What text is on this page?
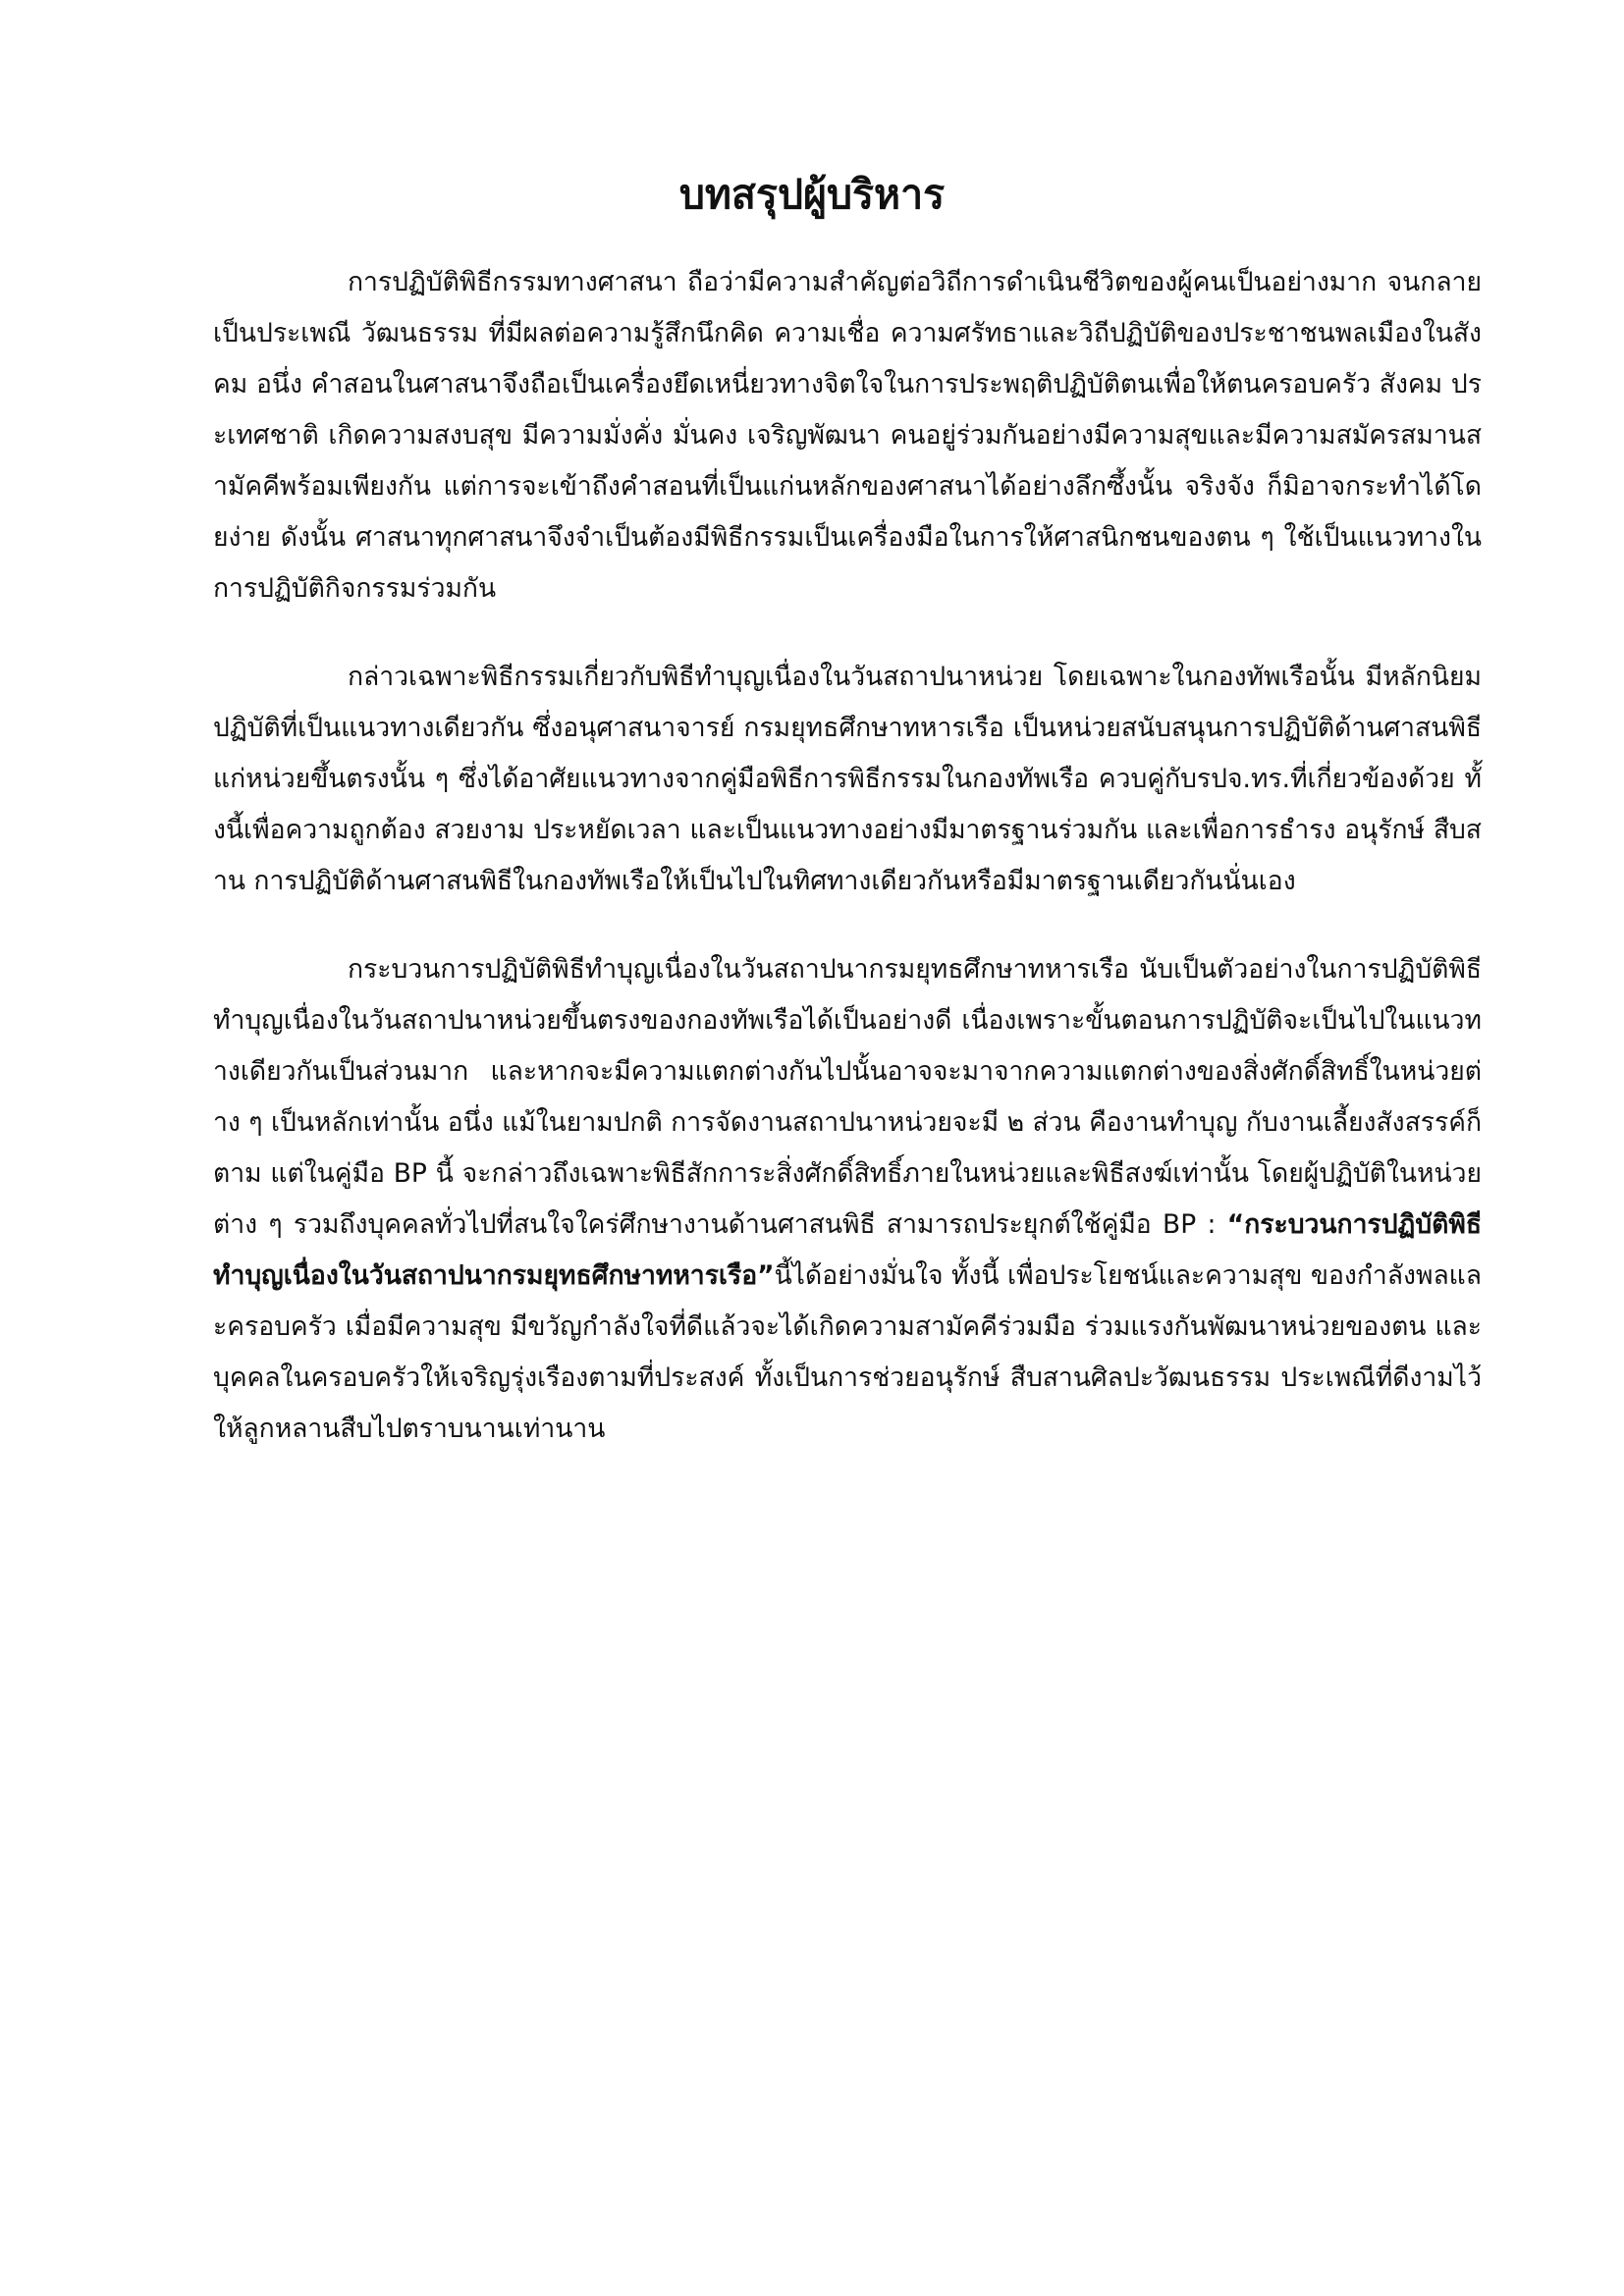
บทสรุปผู้บริหาร

การปฏิบัติพิธีกรรมทางศาสนา ถือว่ามีความสำคัญต่อวิถีการดำเนินชีวิตของผู้คนเป็นอย่างมาก จนกลายเป็นประเพณี วัฒนธรรม ที่มีผลต่อความรู้สึกนึกคิด ความเชื่อ ความศรัทธาและวิถีปฏิบัติของประชาชนพลเมืองในสังคม อนึ่ง คำสอนในศาสนาจึงถือเป็นเครื่องยึดเหนี่ยวทางจิตใจในการประพฤติปฏิบัติตนเพื่อให้ตนครอบครัว สังคม ประเทศชาติ เกิดความสงบสุข มีความมั่งคั่ง มั่นคง เจริญพัฒนา คนอยู่ร่วมกันอย่างมีความสุขและมีความสมัครสมานสามัคคีพร้อมเพียงกัน แต่การจะเข้าถึงคำสอนที่เป็นแก่นหลักของศาสนาได้อย่างลึกซึ้งนั้น จริงจัง ก็มิอาจกระทำได้โดยง่าย ดังนั้น ศาสนาทุกศาสนาจึงจำเป็นต้องมีพิธีกรรมเป็นเครื่องมือในการให้ศาสนิกชนของตน ๆ ใช้เป็นแนวทางในการปฏิบัติกิจกรรมร่วมกัน

กล่าวเฉพาะพิธีกรรมเกี่ยวกับพิธีทำบุญเนื่องในวันสถาปนาหน่วย โดยเฉพาะในกองทัพเรือนั้น มีหลักนิยมปฏิบัติที่เป็นแนวทางเดียวกัน ซึ่งอนุศาสนาจารย์ กรมยุทธศึกษาทหารเรือ เป็นหน่วยสนับสนุนการปฏิบัติด้านศาสนพิธี แก่หน่วยขึ้นตรงนั้น ๆ ซึ่งได้อาศัยแนวทางจากคู่มือพิธีการพิธีกรรมในกองทัพเรือ ควบคู่กับรปจ.ทร.ที่เกี่ยวข้องด้วย ทั้งนี้เพื่อความถูกต้อง สวยงาม ประหยัดเวลา และเป็นแนวทางอย่างมีมาตรฐานร่วมกัน และเพื่อการธำรง อนุรักษ์ สืบสาน การปฏิบัติด้านศาสนพิธีในกองทัพเรือให้เป็นไปในทิศทางเดียวกันหรือมีมาตรฐานเดียวกันนั่นเอง

กระบวนการปฏิบัติพิธีทำบุญเนื่องในวันสถาปนากรมยุทธศึกษาทหารเรือ นับเป็นตัวอย่างในการปฏิบัติพิธีทำบุญเนื่องในวันสถาปนาหน่วยขึ้นตรงของกองทัพเรือได้เป็นอย่างดี เนื่องเพราะขั้นตอนการปฏิบัติจะเป็นไปในแนวทางเดียวกันเป็นส่วนมาก และหากจะมีความแตกต่างกันไปนั้นอาจจะมาจากความแตกต่างของสิ่งศักดิ์สิทธิ์ในหน่วยต่าง ๆ เป็นหลักเท่านั้น อนึ่ง แม้ในยามปกติ การจัดงานสถาปนาหน่วยจะมี ๒ ส่วน คืองานทำบุญ กับงานเลี้ยงสังสรรค์ก็ตาม แต่ในคู่มือ BP นี้ จะกล่าวถึงเฉพาะพิธีสักการะสิ่งศักดิ์สิทธิ์ภายในหน่วยและพิธีสงฆ์เท่านั้น โดยผู้ปฏิบัติในหน่วยต่าง ๆ รวมถึงบุคคลทั่วไปที่สนใจใคร่ศึกษางานด้านศาสนพิธี สามารถประยุกต์ใช้คู่มือ BP : “กระบวนการปฏิบัติพิธีทำบุญเนื่องในวันสถาปนากรมยุทธศึกษาทหารเรือ”นี้ได้อย่างมั่นใจ ทั้งนี้ เพื่อประโยชน์และความสุข ของกำลังพลและครอบครัว เมื่อมีความสุข มีขวัญกำลังใจที่ดีแล้วจะได้เกิดความสามัคคีร่วมมือ ร่วมแรงกันพัฒนาหน่วยของตน และบุคคลในครอบครัวให้เจริญรุ่งเรืองตามที่ประสงค์ ทั้งเป็นการช่วยอนุรักษ์ สืบสานศิลปะวัฒนธรรม ประเพณีที่ดีงามไว้ให้ลูกหลานสืบไปตราบนานเท่านาน
